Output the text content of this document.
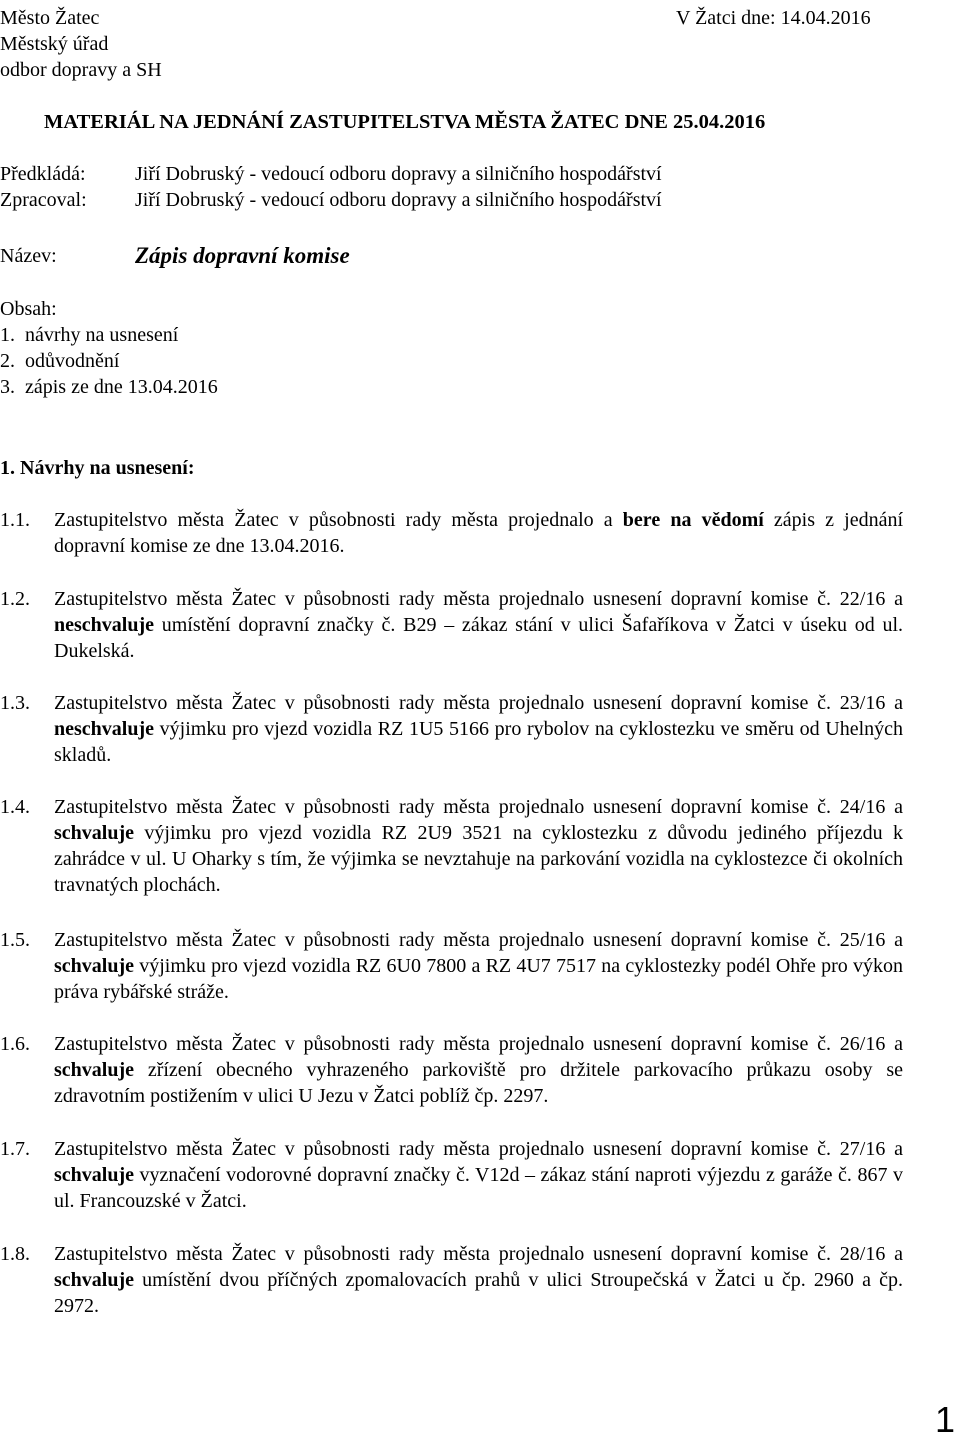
Město Žatec
Městský úřad
odbor dopravy a SH
V Žatci dne: 14.04.2016
MATERIÁL NA JEDNÁNÍ ZASTUPITELSTVA MĚSTA ŽATEC DNE 25.04.2016
Předkládá: Jiří Dobruský - vedoucí odboru dopravy a silničního hospodářství
Zpracoval: Jiří Dobruský - vedoucí odboru dopravy a silničního hospodářství
Název:	Zápis dopravní komise
Obsah:
1.  návrhy na usnesení
2.  odůvodnění
3.  zápis ze dne 13.04.2016
1. Návrhy na usnesení:
1.1. Zastupitelstvo města Žatec v působnosti rady města projednalo a bere na vědomí zápis z jednání dopravní komise ze dne 13.04.2016.
1.2. Zastupitelstvo města Žatec v působnosti rady města projednalo usnesení dopravní komise č. 22/16 a neschvaluje umístění dopravní značky č. B29 – zákaz stání v ulici Šafaříkova v Žatci v úseku od ul. Dukelská.
1.3. Zastupitelstvo města Žatec v působnosti rady města projednalo usnesení dopravní komise č. 23/16 a neschvaluje výjimku pro vjezd vozidla RZ 1U5 5166 pro rybolov na cyklostezku ve směru od Uhelných skladů.
1.4. Zastupitelstvo města Žatec v působnosti rady města projednalo usnesení dopravní komise č. 24/16 a schvaluje výjimku pro vjezd vozidla RZ 2U9 3521 na cyklostezku z důvodu jediného příjezdu k zahrádce v ul. U Oharky s tím, že výjimka se nevztahuje na parkování vozidla na cyklostezce či okolních travnatých plochách.
1.5. Zastupitelstvo města Žatec v působnosti rady města projednalo usnesení dopravní komise č. 25/16 a schvaluje výjimku pro vjezd vozidla RZ 6U0 7800 a RZ 4U7 7517 na cyklostezky podél Ohře pro výkon práva rybářské stráže.
1.6. Zastupitelstvo města Žatec v působnosti rady města projednalo usnesení dopravní komise č. 26/16 a schvaluje zřízení obecného vyhrazeného parkoviště pro držitele parkovacího průkazu osoby se zdravotním postižením v ulici U Jezu v Žatci poblíž čp. 2297.
1.7. Zastupitelstvo města Žatec v působnosti rady města projednalo usnesení dopravní komise č. 27/16 a schvaluje vyznačení vodorovné dopravní značky č. V12d – zákaz stání naproti výjezdu z garáže č. 867 v ul. Francouzské v Žatci.
1.8. Zastupitelstvo města Žatec v působnosti rady města projednalo usnesení dopravní komise č. 28/16 a schvaluje umístění dvou příčných zpomalovacích prahů v ulici Stroupečská v Žatci u čp. 2960 a čp. 2972.
1
